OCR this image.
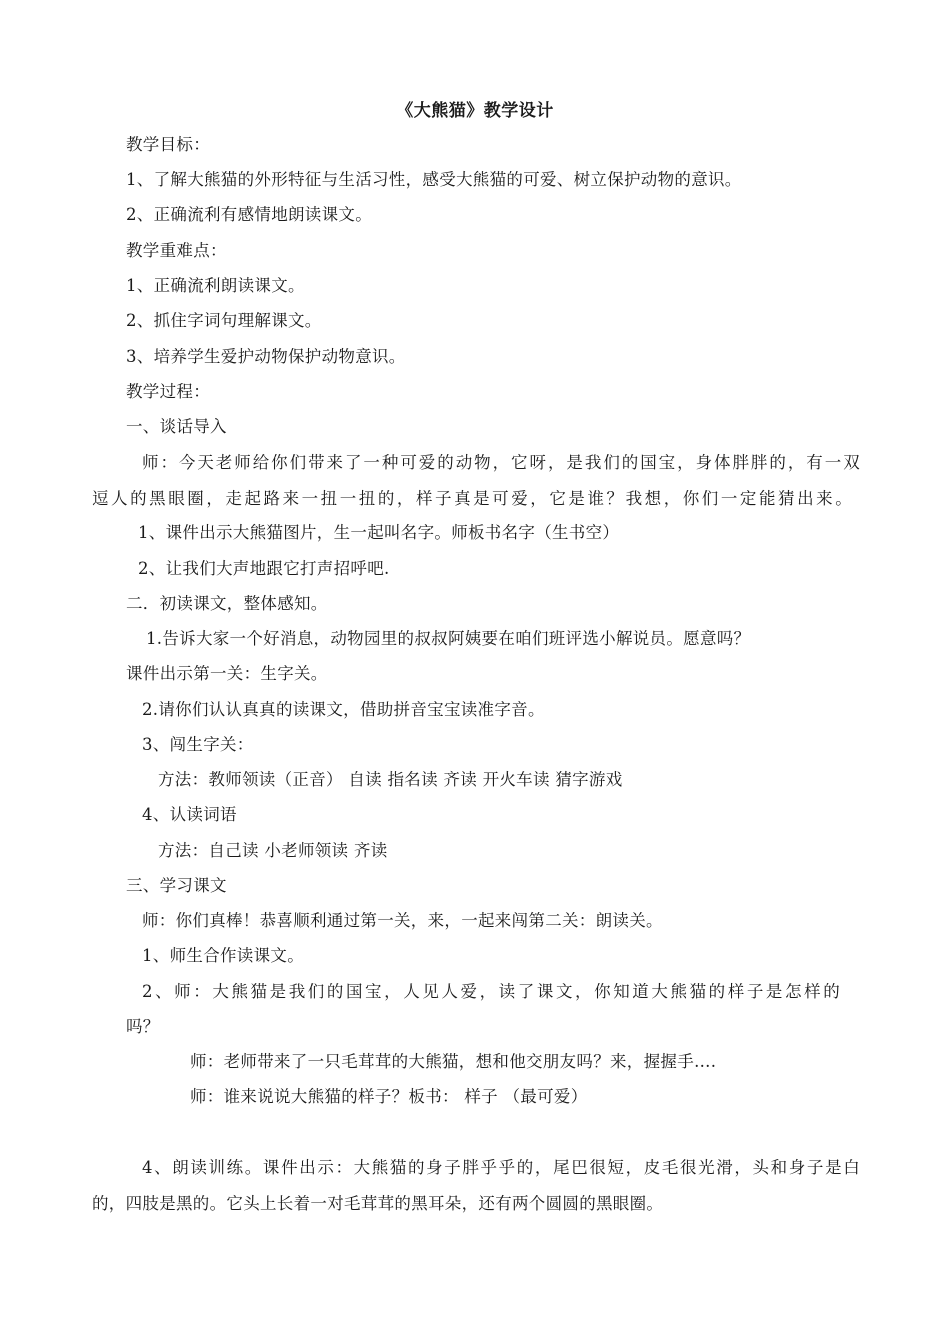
《大熊猫》教学设计
教学目标：
1、了解大熊猫的外形特征与生活习性，感受大熊猫的可爱、树立保护动物的意识。
2、正确流利有感情地朗读课文。
教学重难点：
1、正确流利朗读课文。
2、抓住字词句理解课文。
3、培养学生爱护动物保护动物意识。
教学过程：
一、谈话导入
师：今天老师给你们带来了一种可爱的动物，它呀，是我们的国宝，身体胖胖的，有一双
逗人的黑眼圈，走起路来一扭一扭的，样子真是可爱，它是谁？我想，你们一定能猜出来。
1、课件出示大熊猫图片，生一起叫名字。师板书名字（生书空）
2、让我们大声地跟它打声招呼吧.
二．初读课文，整体感知。
1.告诉大家一个好消息，动物园里的叔叔阿姨要在咱们班评选小解说员。愿意吗？
课件出示第一关：生字关。
2.请你们认认真真的读课文，借助拼音宝宝读准字音。
3、闯生字关：
方法：教师领读（正音） 自读 指名读 齐读 开火车读 猜字游戏
4、认读词语
方法：自己读 小老师领读 齐读
三、学习课文
师：你们真棒！恭喜顺利通过第一关，来，一起来闯第二关：朗读关。
1、师生合作读课文。
2、师：大熊猫是我们的国宝，人见人爱，读了课文，你知道大熊猫的样子是怎样的
吗？
师：老师带来了一只毛茸茸的大熊猫，想和他交朋友吗？来，握握手….
师：谁来说说大熊猫的样子？板书： 样子 （最可爱）
4、朗读训练。课件出示：大熊猫的身子胖乎乎的，尾巴很短，皮毛很光滑，头和身子是白
的，四肢是黑的。它头上长着一对毛茸茸的黑耳朵，还有两个圆圆的黑眼圈。
